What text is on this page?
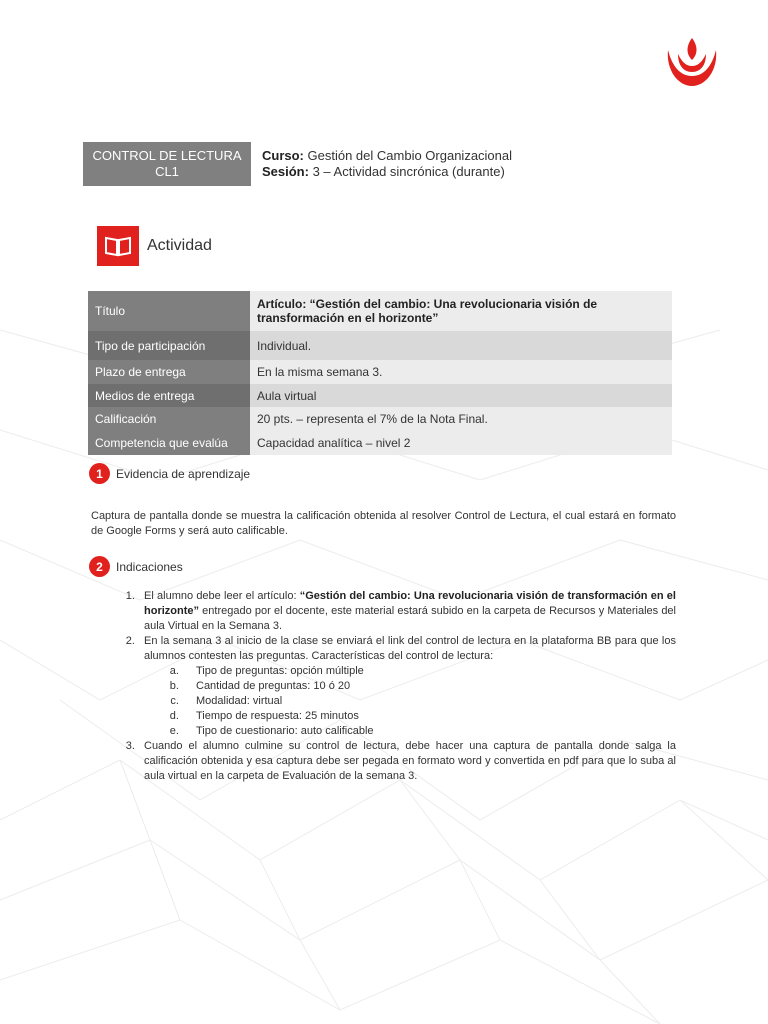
CONTROL DE LECTURA
CL1
Curso: Gestión del Cambio Organizacional
Sesión: 3 – Actividad sincrónica (durante)
Actividad
Título	Artículo: “Gestión del cambio: Una revolucionaria visión de transformación en el horizonte”
Tipo de participación	Individual.
Plazo de entrega	En la misma semana 3.
Medios de entrega	Aula virtual
Calificación	20 pts. – representa el 7% de la Nota Final.
Competencia que evalúa	Capacidad analítica – nivel 2
1	Evidencia de aprendizaje
Captura de pantalla donde se muestra la calificación obtenida al resolver Control de Lectura, el cual estará en formato de Google Forms y será auto calificable.
2	Indicaciones
1. El alumno debe leer el artículo: “Gestión del cambio: Una revolucionaria visión de transformación en el horizonte” entregado por el docente, este material estará subido en la carpeta de Recursos y Materiales del aula Virtual en la Semana 3.
2. En la semana 3 al inicio de la clase se enviará el link del control de lectura en la plataforma BB para que los alumnos contesten las preguntas. Características del control de lectura:
a. Tipo de preguntas: opción múltiple
b. Cantidad de preguntas: 10 ó 20
c. Modalidad: virtual
d. Tiempo de respuesta: 25 minutos
e. Tipo de cuestionario: auto calificable
3. Cuando el alumno culmine su control de lectura, debe hacer una captura de pantalla donde salga la calificación obtenida y esa captura debe ser pegada en formato word y convertida en pdf para que lo suba al aula virtual en la carpeta de Evaluación de la semana 3.
